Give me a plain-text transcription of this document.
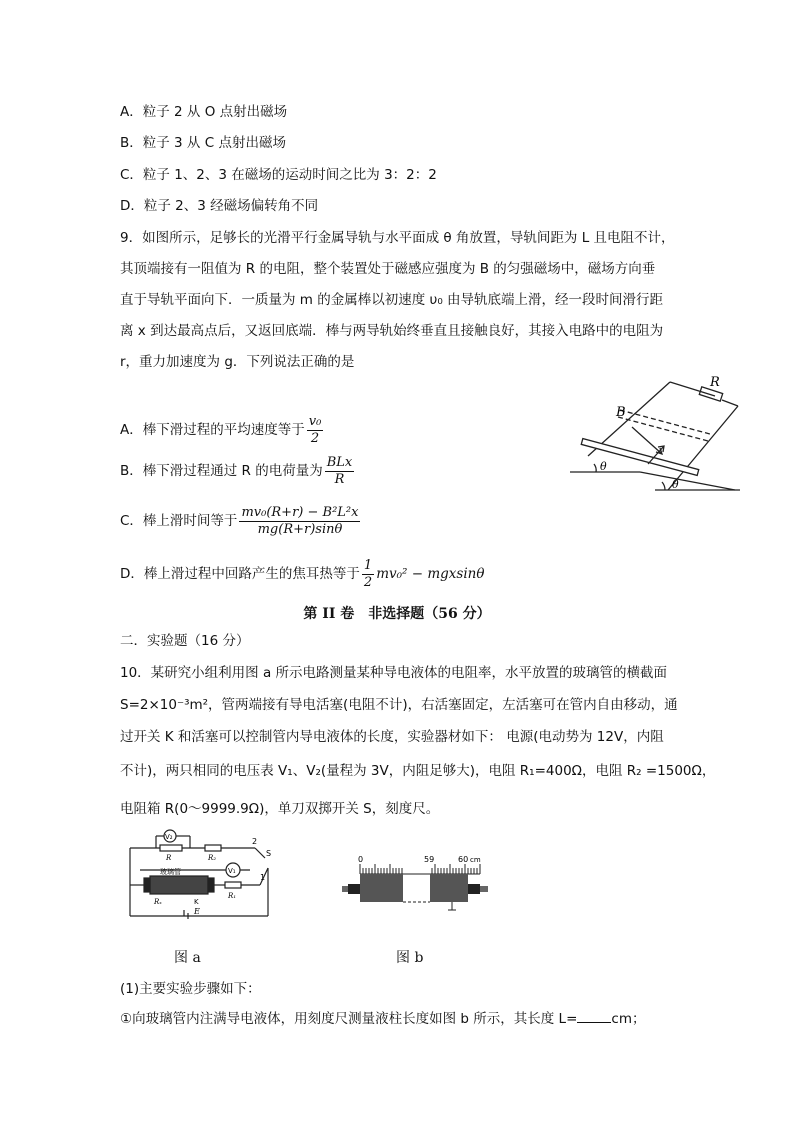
A．粒子 2 从 O 点射出磁场
B．粒子 3 从 C 点射出磁场
C．粒子 1、2、3 在磁场的运动时间之比为 3：2：2
D．粒子 2、3 经磁场偏转角不同
9．如图所示，足够长的光滑平行金属导轨与水平面成 θ 角放置，导轨间距为 L 且电阻不计，
其顶端接有一阻值为 R 的电阻，整个装置处于磁感应强度为 B 的匀强磁场中，磁场方向垂
直于导轨平面向下．一质量为 m 的金属棒以初速度 υ₀ 由导轨底端上滑，经一段时间滑行距
离 x 到达最高点后，又返回底端．棒与两导轨始终垂直且接触良好，其接入电路中的电阻为
r，重力加速度为 g．下列说法正确的是
A．棒下滑过程的平均速度等于 $\frac{\text{v₀}}{2}$
B．棒下滑过程通过 R 的电荷量为 $\frac{\text{BLx}}{R}$
C．棒上滑时间等于 $\frac{\text{mv₀(R+r) − B²L²x}}{mg(R+r)\sin\theta}$
D．棒上滑过程中回路产生的焦耳热等于 $\frac{1}{2} mv_0^2 - mgxsin\theta$
R
B
θ
θ
第 II 卷　非选择题（56 分）
二．实验题（16 分）
10．某研究小组利用图 a 所示电路测量某种导电液体的电阻率，水平放置的玻璃管的横截面
S=2×10⁻³m²，管两端接有导电活塞(电阻不计)，右活塞固定，左活塞可在管内自由移动，通
过开关 K 和活塞可以控制管内导电液体的长度，实验器材如下： 电源(电动势为 12V，内阻
不计)，两只相同的电压表 V₁、V₂(量程为 3V，内阻足够大)，电阻 R₁=400Ω，电阻 R₂ =1500Ω，
电阻箱 R(0～9999.9Ω)，单刀双掷开关 S，刻度尺。
V₂
R	R₂
2
S
1
玻璃管	V₁
Rₓ	K
R₁
E
0	59	60 cm
图 a	图 b
(1)主要实验步骤如下：
①向玻璃管内注满导电液体，用刻度尺测量液柱长度如图 b 所示，其长度 L=	cm；
